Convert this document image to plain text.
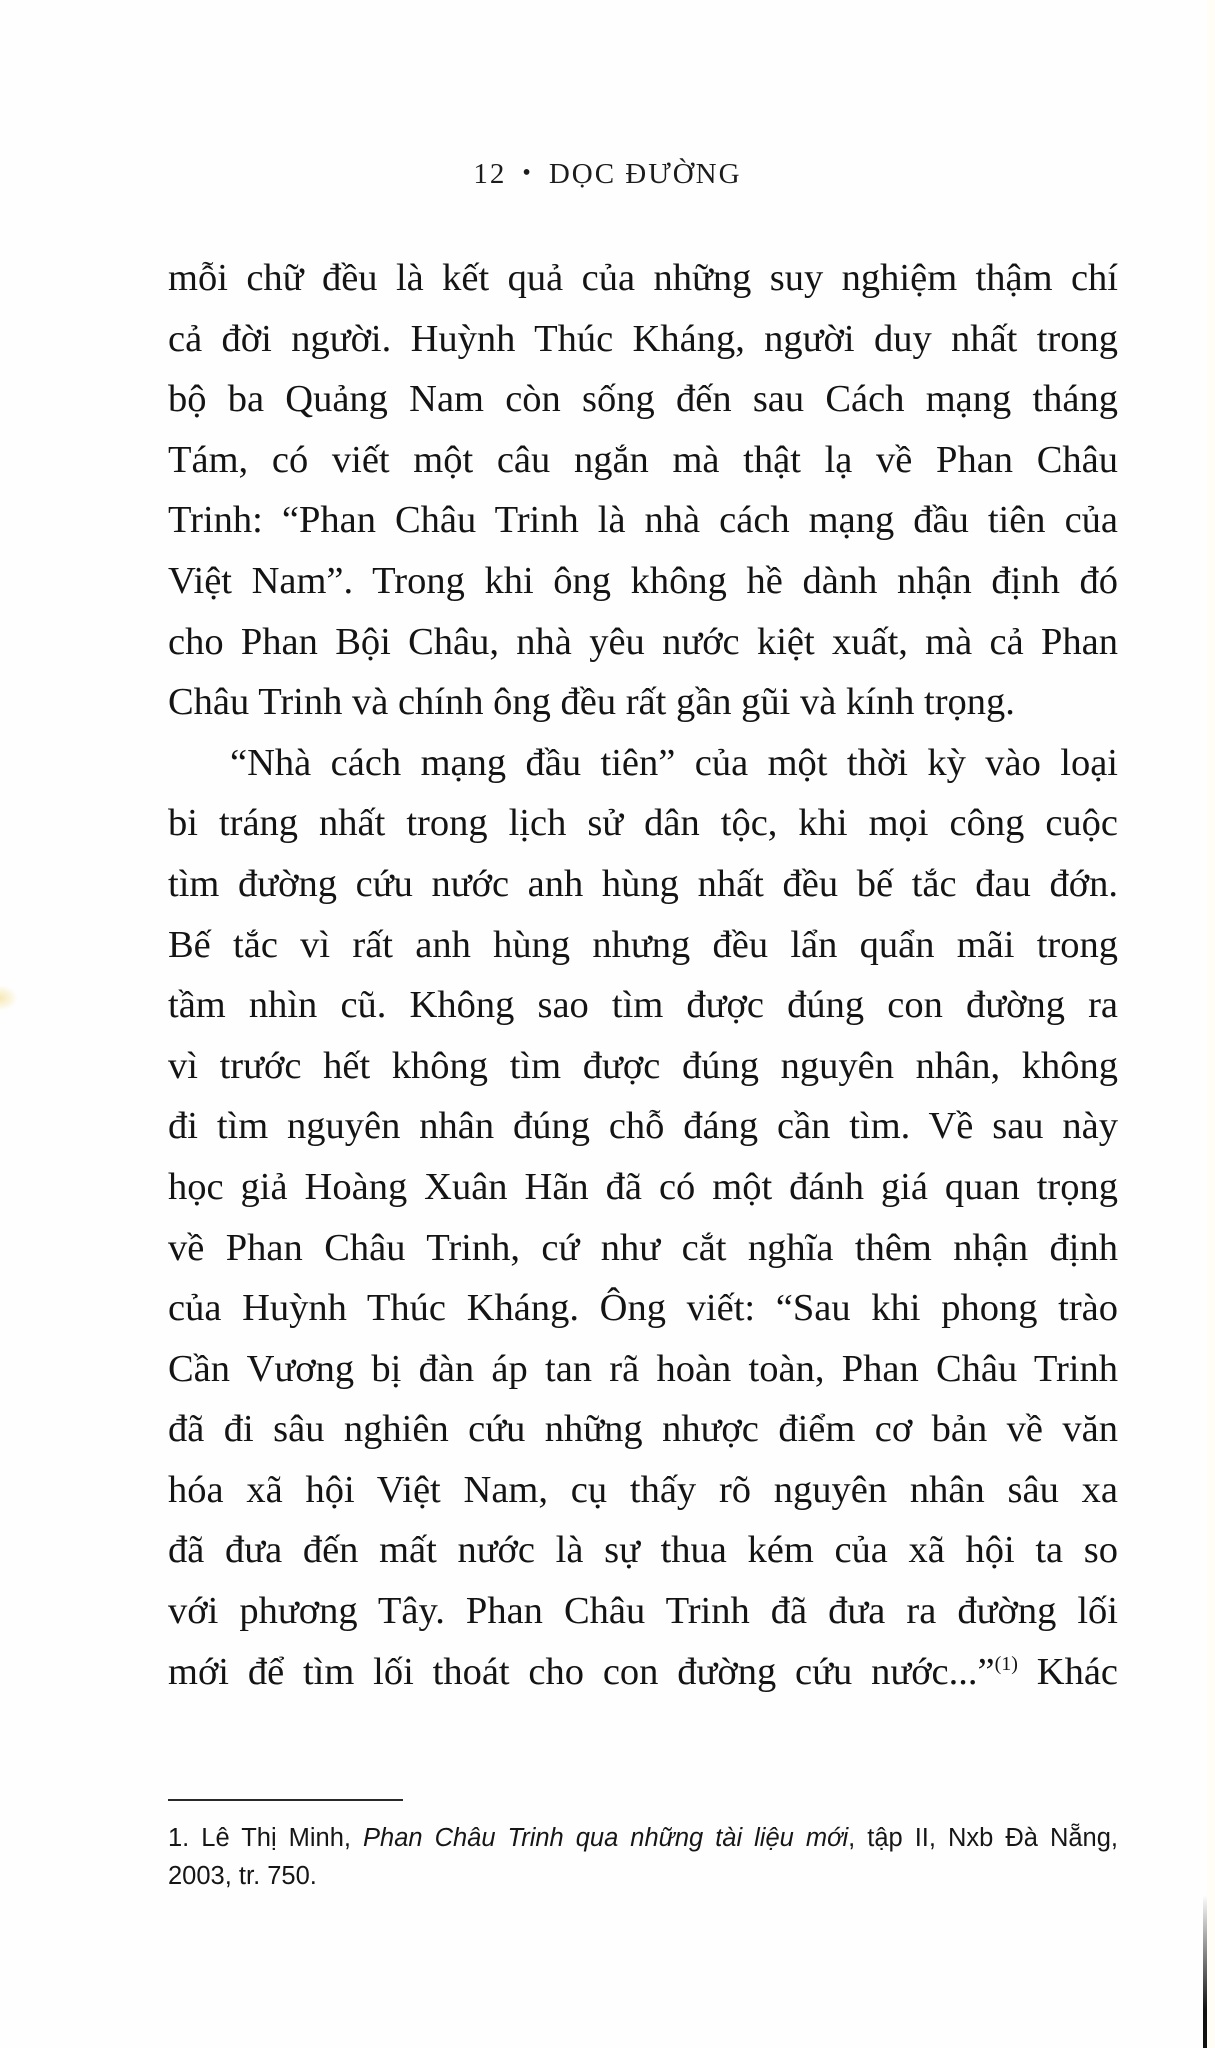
12 • DỌC ĐƯỜNG
mỗi chữ đều là kết quả của những suy nghiệm thậm chí
cả đời người. Huỳnh Thúc Kháng, người duy nhất trong
bộ ba Quảng Nam còn sống đến sau Cách mạng tháng
Tám, có viết một câu ngắn mà thật lạ về Phan Châu
Trinh: “Phan Châu Trinh là nhà cách mạng đầu tiên của
Việt Nam”. Trong khi ông không hề dành nhận định đó
cho Phan Bội Châu, nhà yêu nước kiệt xuất, mà cả Phan
Châu Trinh và chính ông đều rất gần gũi và kính trọng.
“Nhà cách mạng đầu tiên” của một thời kỳ vào loại
bi tráng nhất trong lịch sử dân tộc, khi mọi công cuộc
tìm đường cứu nước anh hùng nhất đều bế tắc đau đớn.
Bế tắc vì rất anh hùng nhưng đều lẩn quẩn mãi trong
tầm nhìn cũ. Không sao tìm được đúng con đường ra
vì trước hết không tìm được đúng nguyên nhân, không
đi tìm nguyên nhân đúng chỗ đáng cần tìm. Về sau này
học giả Hoàng Xuân Hãn đã có một đánh giá quan trọng
về Phan Châu Trinh, cứ như cắt nghĩa thêm nhận định
của Huỳnh Thúc Kháng. Ông viết: “Sau khi phong trào
Cần Vương bị đàn áp tan rã hoàn toàn, Phan Châu Trinh
đã đi sâu nghiên cứu những nhược điểm cơ bản về văn
hóa xã hội Việt Nam, cụ thấy rõ nguyên nhân sâu xa
đã đưa đến mất nước là sự thua kém của xã hội ta so
với phương Tây. Phan Châu Trinh đã đưa ra đường lối
mới để tìm lối thoát cho con đường cứu nước...”$^{(1)}$ Khác
1. Lê Thị Minh, Phan Châu Trinh qua những tài liệu mới, tập II, Nxb Đà Nẵng,
2003, tr. 750.
